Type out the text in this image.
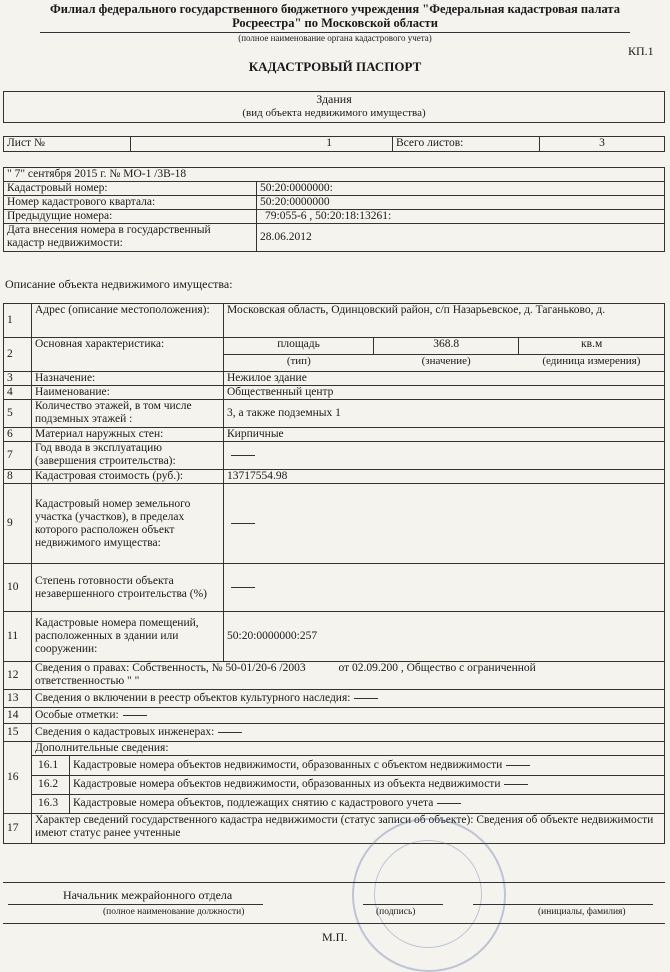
Филиал федерального государственного бюджетного учреждения "Федеральная кадастровая палата
Росреестра" по Московской области
(полное наименование органа кадастрового учета)
КП.1
КАДАСТРОВЫЙ ПАСПОРТ
Здания
(вид объекта недвижимого имущества)
Лист №	1	Всего листов:	3
" 7" сентября 2015 г. № МО-1 /3В-18	
Кадастровый номер:	50:20:0000000:
Номер кадастрового квартала:	50:20:0000000
Предыдущие номера:	79:055-6 , 50:20:18:13261:

Дата внесения номера в государственный
кадастр недвижимости:	28.06.2012
Описание объекта недвижимого имущества:
1	Адрес (описание местоположения):	Московская область, Одинцовский район, с/п Назарьевское, д. Таганьково, д.
2	Основная характеристика:		площадь	368.8	кв.м
(тип)	(значение)	(единица измерения)

3	Назначение:	Нежилое здание
4	Наименование:	Общественный центр
5	Количество этажей, в том числе подземных этажей :	3, а также подземных 1
6	Материал наружных стен:	Кирпичные
7	Год ввода в эксплуатацию (завершения строительства):	
8	Кадастровая стоимость (руб.):	13717554.98
9	Кадастровый номер земельного участка (участков), в пределах которого расположен объект недвижимого имущества:	
10	Степень готовности объекта незавершенного строительства (%)	
11	Кадастровые номера помещений, расположенных в здании или сооружении:	50:20:0000000:257
12	Сведения о правах: Собственность, № 50-01/20-6 /2003	от 02.09.200 , Общество с ограниченной
ответственностью " "
13	Сведения о включении в реестр объектов культурного наследия:
14	Особые отметки:
15	Сведения о кадастровых инженерах:
16	
Дополнительные сведения:
16.1	Кадастровые номера объектов недвижимости, образованных с объектом недвижимости
16.2	Кадастровые номера объектов недвижимости, образованных из объекта недвижимости
16.3	Кадастровые номера объектов, подлежащих снятию с кадастрового учета

17	Характер сведений государственного кадастра недвижимости (статус записи об объекте): Сведения об объекте недвижимости имеют статус ранее учтенные
Начальник межрайонного отдела
(полное наименование должности)	(подпись)	(инициалы, фамилия)
М.П.
